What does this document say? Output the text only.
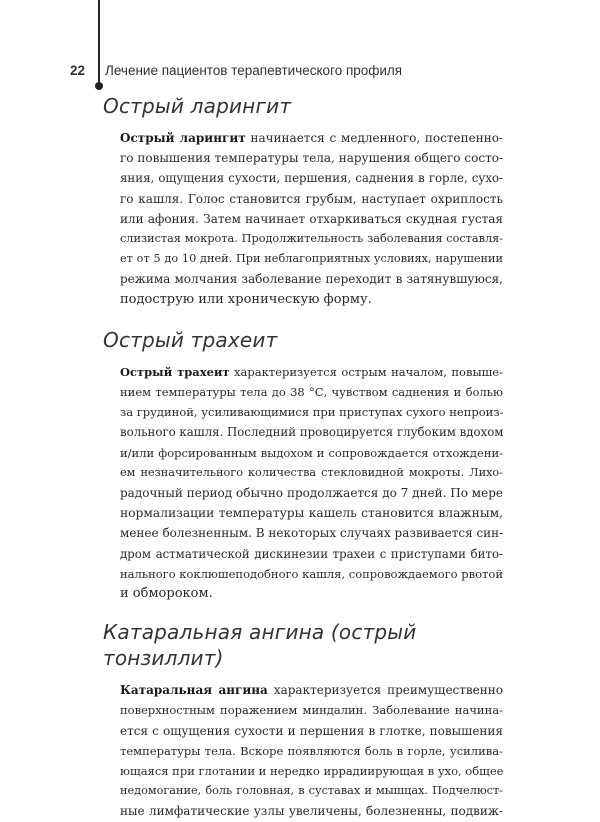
22 Лечение пациентов терапевтического профиля
Острый ларингит

Острый ларингит начинается с медленного, постепенно-
го повышения температуры тела, нарушения общего состо-
яния, ощущения сухости, першения, саднения в горле, сухо-
го кашля. Голос становится грубым, наступает охриплость
или афония. Затем начинает отхаркиваться скудная густая
слизистая мокрота. Продолжительность заболевания составля-
ет от 5 до 10 дней. При неблагоприятных условиях, нарушении
режима молчания заболевание переходит в затянувшуюся,
подострую или хроническую форму.

Острый трахеит

Острый трахеит характеризуется острым началом, повыше-
нием температуры тела до 38 °С, чувством саднения и болью
за грудиной, усиливающимися при приступах сухого непроиз-
вольного кашля. Последний провоцируется глубоким вдохом
и/или форсированным выдохом и сопровождается отхождени-
ем незначительного количества стекловидной мокроты. Лихо-
радочный период обычно продолжается до 7 дней. По мере
нормализации температуры кашель становится влажным,
менее болезненным. В некоторых случаях развивается син-
дром астматической дискинезии трахеи с приступами бито-
нального коклюшеподобного кашля, сопровождаемого рвотой
и обмороком.

Катаральная ангина (острый тонзиллит)

Катаральная ангина характеризуется преимущественно
поверхностным поражением миндалин. Заболевание начина-
ется с ощущения сухости и першения в глотке, повышения
температуры тела. Вскоре появляются боль в горле, усилива-
ющаяся при глотании и нередко иррадиирующая в ухо, общее
недомогание, боль головная, в суставах и мышцах. Подчелюст-
ные лимфатические узлы увеличены, болезненны, подвиж-
